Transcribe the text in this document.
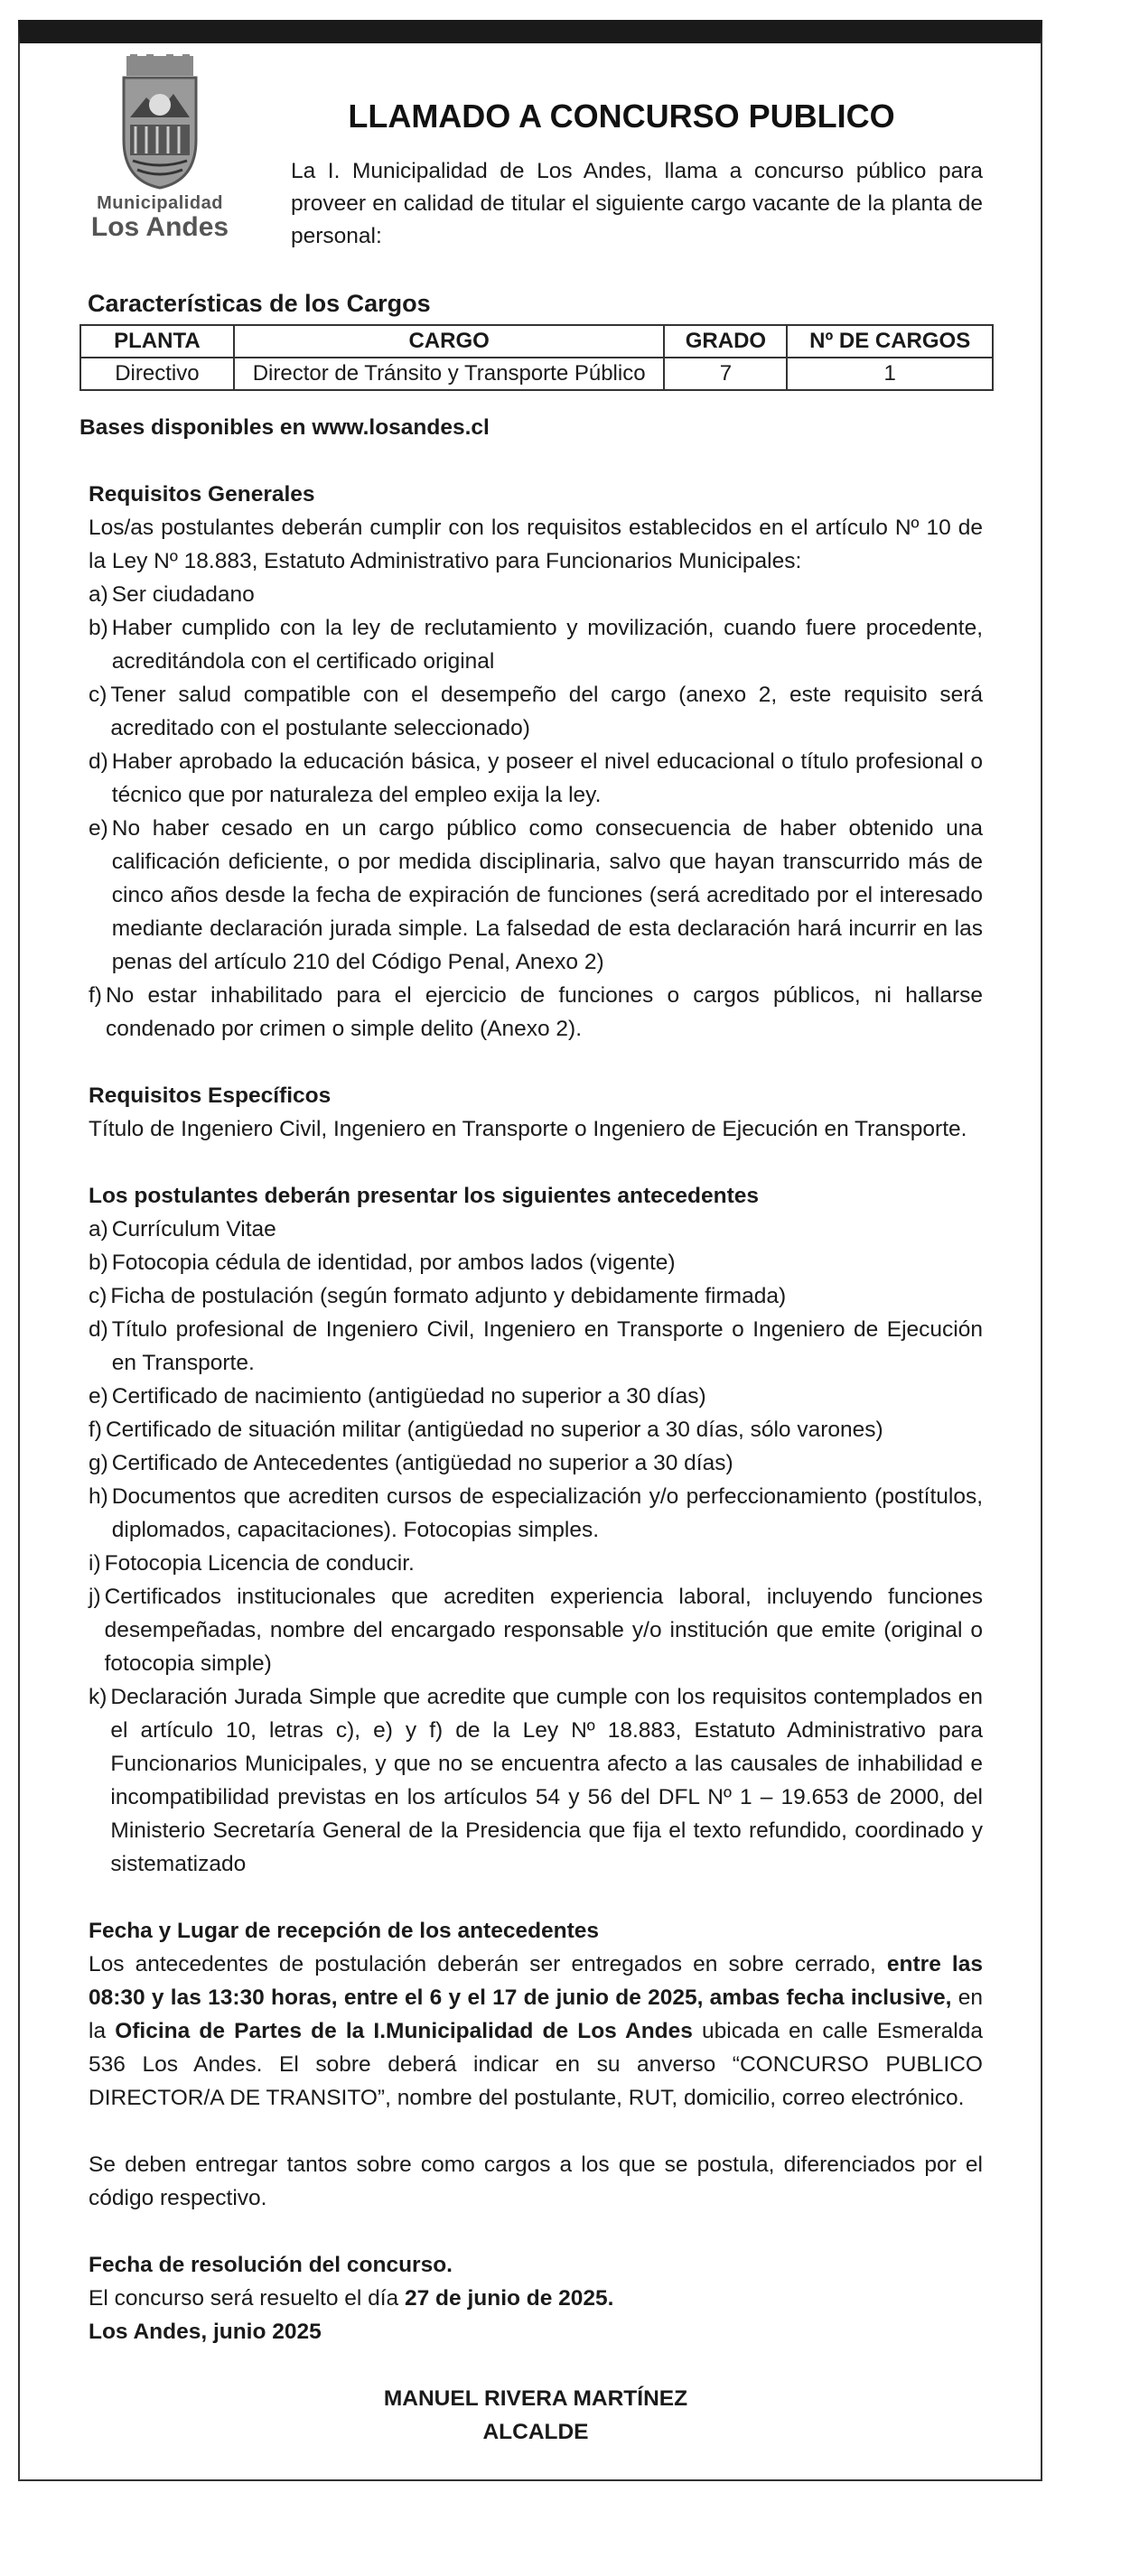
Municipalidad
Los Andes
LLAMADO A CONCURSO PUBLICO
La I. Municipalidad de Los Andes, llama a concurso público para proveer en calidad de titular el siguiente cargo vacante de la planta de personal:
Características de los Cargos
PLANTA	CARGO	GRADO	Nº DE CARGOS
Directivo	Director de Tránsito y Transporte Público	7	1

Bases disponibles en www.losandes.cl

Requisitos Generales

Los/as postulantes deberán cumplir con los requisitos establecidos en el artículo Nº 10 de la Ley Nº 18.883, Estatuto Administrativo para Funcionarios Municipales:

a) Ser ciudadano
b) Haber cumplido con la ley de reclutamiento y movilización, cuando fuere procedente, acreditándola con el certificado original
c) Tener salud compatible con el desempeño del cargo (anexo 2, este requisito será acreditado con el postulante seleccionado)
d) Haber aprobado la educación básica, y poseer el nivel educacional o título profesional o técnico que por naturaleza del empleo exija la ley.
e) No haber cesado en un cargo público como consecuencia de haber obtenido una calificación deficiente, o por medida disciplinaria, salvo que hayan transcurrido más de cinco años desde la fecha de expiración de funciones (será acreditado por el interesado mediante declaración jurada simple. La falsedad de esta declaración hará incurrir en las penas del artículo 210 del Código Penal, Anexo 2)
f) No estar inhabilitado para el ejercicio de funciones o cargos públicos, ni hallarse condenado por crimen o simple delito (Anexo 2).

Requisitos Específicos

Título de Ingeniero Civil, Ingeniero en Transporte o Ingeniero de Ejecución en Transporte.

Los postulantes deberán presentar los siguientes antecedentes

a) Currículum Vitae
b) Fotocopia cédula de identidad, por ambos lados (vigente)
c) Ficha de postulación (según formato adjunto y debidamente firmada)
d) Título profesional de Ingeniero Civil, Ingeniero en Transporte o Ingeniero de Ejecución en Transporte.
e) Certificado de nacimiento (antigüedad no superior a 30 días)
f) Certificado de situación militar (antigüedad no superior a 30 días, sólo varones)
g) Certificado de Antecedentes (antigüedad no superior a 30 días)
h) Documentos que acrediten cursos de especialización y/o perfeccionamiento (postítulos, diplomados, capacitaciones). Fotocopias simples.
i) Fotocopia Licencia de conducir.
j) Certificados institucionales que acrediten experiencia laboral, incluyendo funciones desempeñadas, nombre del encargado responsable y/o institución que emite (original o fotocopia simple)
k) Declaración Jurada Simple que acredite que cumple con los requisitos contemplados en el artículo 10, letras c), e) y f) de la Ley Nº 18.883, Estatuto Administrativo para Funcionarios Municipales, y que no se encuentra afecto a las causales de inhabilidad e incompatibilidad previstas en los artículos 54 y 56 del DFL Nº 1 – 19.653 de 2000, del Ministerio Secretaría General de la Presidencia que fija el texto refundido, coordinado y sistematizado

Fecha y Lugar de recepción de los antecedentes

Los antecedentes de postulación deberán ser entregados en sobre cerrado, entre las 08:30 y las 13:30 horas, entre el 6 y el 17 de junio de 2025, ambas fecha inclusive, en la Oficina de Partes de la I.Municipalidad de Los Andes ubicada en calle Esmeralda 536 Los Andes. El sobre deberá indicar en su anverso “CONCURSO PUBLICO DIRECTOR/A DE TRANSITO”, nombre del postulante, RUT, domicilio, correo electrónico.

Se deben entregar tantos sobre como cargos a los que se postula, diferenciados por el código respectivo.

Fecha de resolución del concurso.

El concurso será resuelto el día 27 de junio de 2025.

Los Andes, junio 2025

MANUEL RIVERA MARTÍNEZ

ALCALDE
